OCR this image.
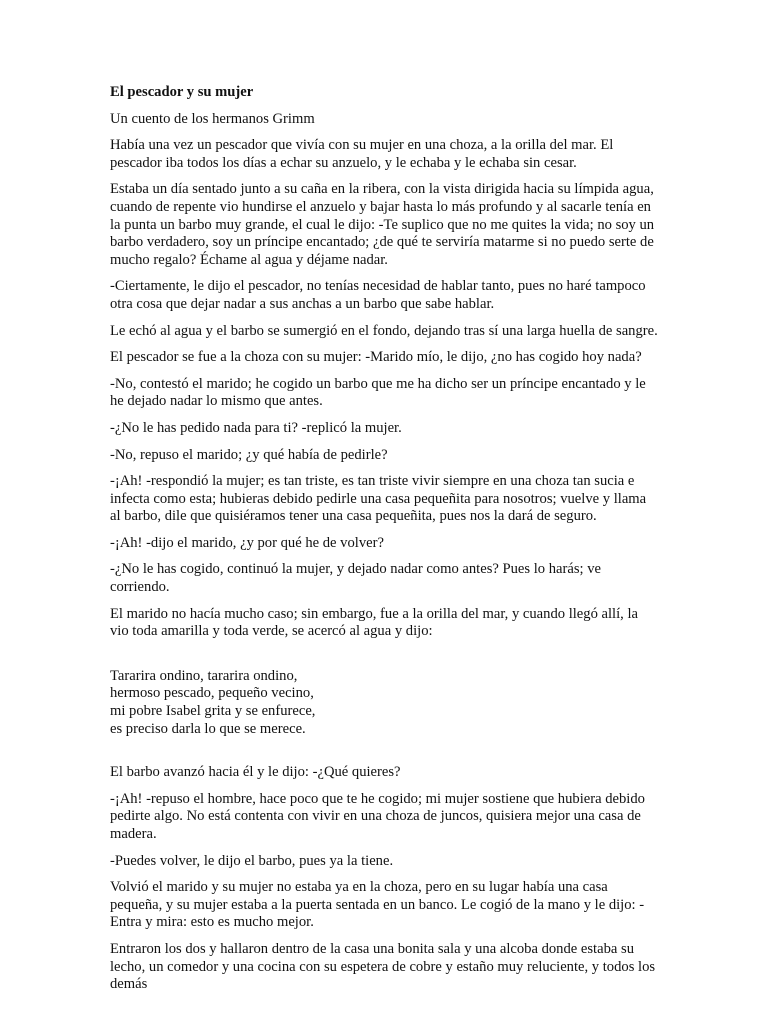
El pescador y su mujer

Un cuento de los hermanos Grimm

Había una vez un pescador que vivía con su mujer en una choza, a la orilla del mar. El pescador iba todos los días a echar su anzuelo, y le echaba y le echaba sin cesar.

Estaba un día sentado junto a su caña en la ribera, con la vista dirigida hacia su límpida agua, cuando de repente vio hundirse el anzuelo y bajar hasta lo más profundo y al sacarle tenía en la punta un barbo muy grande, el cual le dijo: -Te suplico que no me quites la vida; no soy un barbo verdadero, soy un príncipe encantado; ¿de qué te serviría matarme si no puedo serte de mucho regalo? Échame al agua y déjame nadar.

-Ciertamente, le dijo el pescador, no tenías necesidad de hablar tanto, pues no haré tampoco otra cosa que dejar nadar a sus anchas a un barbo que sabe hablar.

Le echó al agua y el barbo se sumergió en el fondo, dejando tras sí una larga huella de sangre.

El pescador se fue a la choza con su mujer: -Marido mío, le dijo, ¿no has cogido hoy nada?

-No, contestó el marido; he cogido un barbo que me ha dicho ser un príncipe encantado y le he dejado nadar lo mismo que antes.

-¿No le has pedido nada para ti? -replicó la mujer.

-No, repuso el marido; ¿y qué había de pedirle?

-¡Ah! -respondió la mujer; es tan triste, es tan triste vivir siempre en una choza tan sucia e infecta como esta; hubieras debido pedirle una casa pequeñita para nosotros; vuelve y llama al barbo, dile que quisiéramos tener una casa pequeñita, pues nos la dará de seguro.

-¡Ah! -dijo el marido, ¿y por qué he de volver?

-¿No le has cogido, continuó la mujer, y dejado nadar como antes? Pues lo harás; ve corriendo.

El marido no hacía mucho caso; sin embargo, fue a la orilla del mar, y cuando llegó allí, la vio toda amarilla y toda verde, se acercó al agua y dijo:

Tararira ondino, tararira ondino,
hermoso pescado, pequeño vecino,
mi pobre Isabel grita y se enfurece,
es preciso darla lo que se merece.

El barbo avanzó hacia él y le dijo: -¿Qué quieres?

-¡Ah! -repuso el hombre, hace poco que te he cogido; mi mujer sostiene que hubiera debido pedirte algo. No está contenta con vivir en una choza de juncos, quisiera mejor una casa de madera.

-Puedes volver, le dijo el barbo, pues ya la tiene.

Volvió el marido y su mujer no estaba ya en la choza, pero en su lugar había una casa pequeña, y su mujer estaba a la puerta sentada en un banco. Le cogió de la mano y le dijo: -Entra y mira: esto es mucho mejor.

Entraron los dos y hallaron dentro de la casa una bonita sala y una alcoba donde estaba su lecho, un comedor y una cocina con su espetera de cobre y estaño muy reluciente, y todos los demás
